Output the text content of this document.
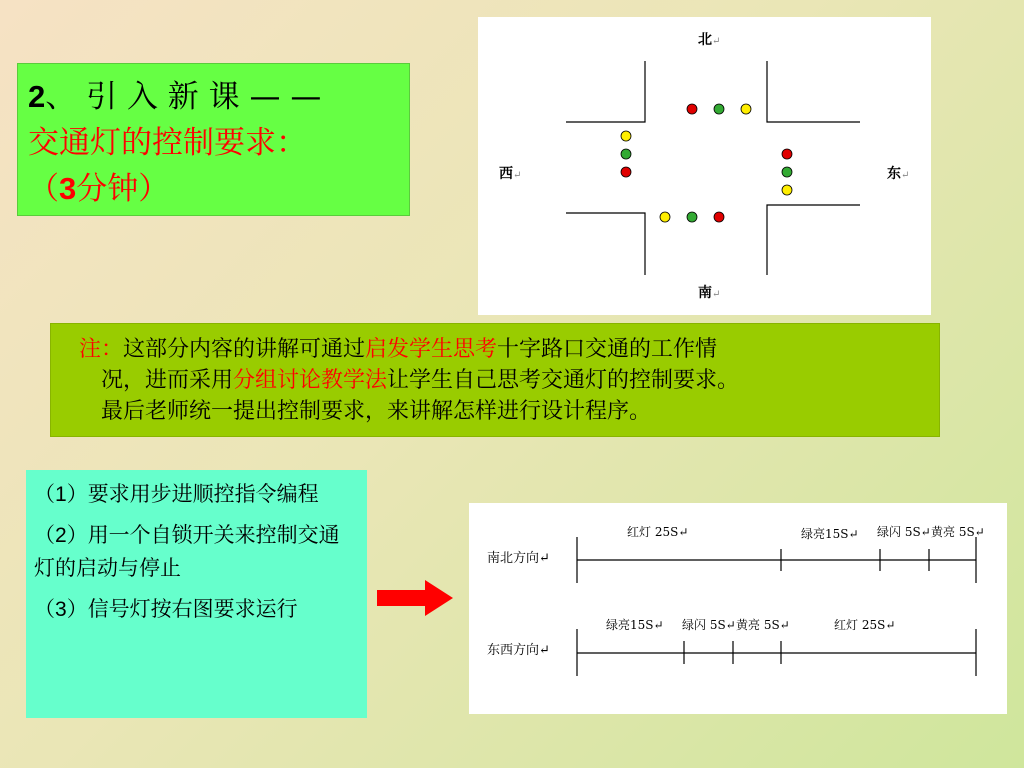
2、 引 入 新 课 — —
交通灯的控制要求：
（3分钟）
北↵
南↵
西↵	东↵
注：这部分内容的讲解可通过启发学生思考十字路口交通的工作情
况，进而采用分组讨论教学法让学生自己思考交通灯的控制要求。
最后老师统一提出控制要求，来讲解怎样进行设计程序。
（1）要求用步进顺控指令编程
（2）用一个自锁开关来控制交通灯的启动与停止
（3）信号灯按右图要求运行
南北方向↵
东西方向↵
红灯 25S↵	绿亮15S↵ 绿闪 5S↵ 黄亮 5S↵
绿亮15S↵ 绿闪 5S↵ 黄亮 5S↵	红灯 25S↵
